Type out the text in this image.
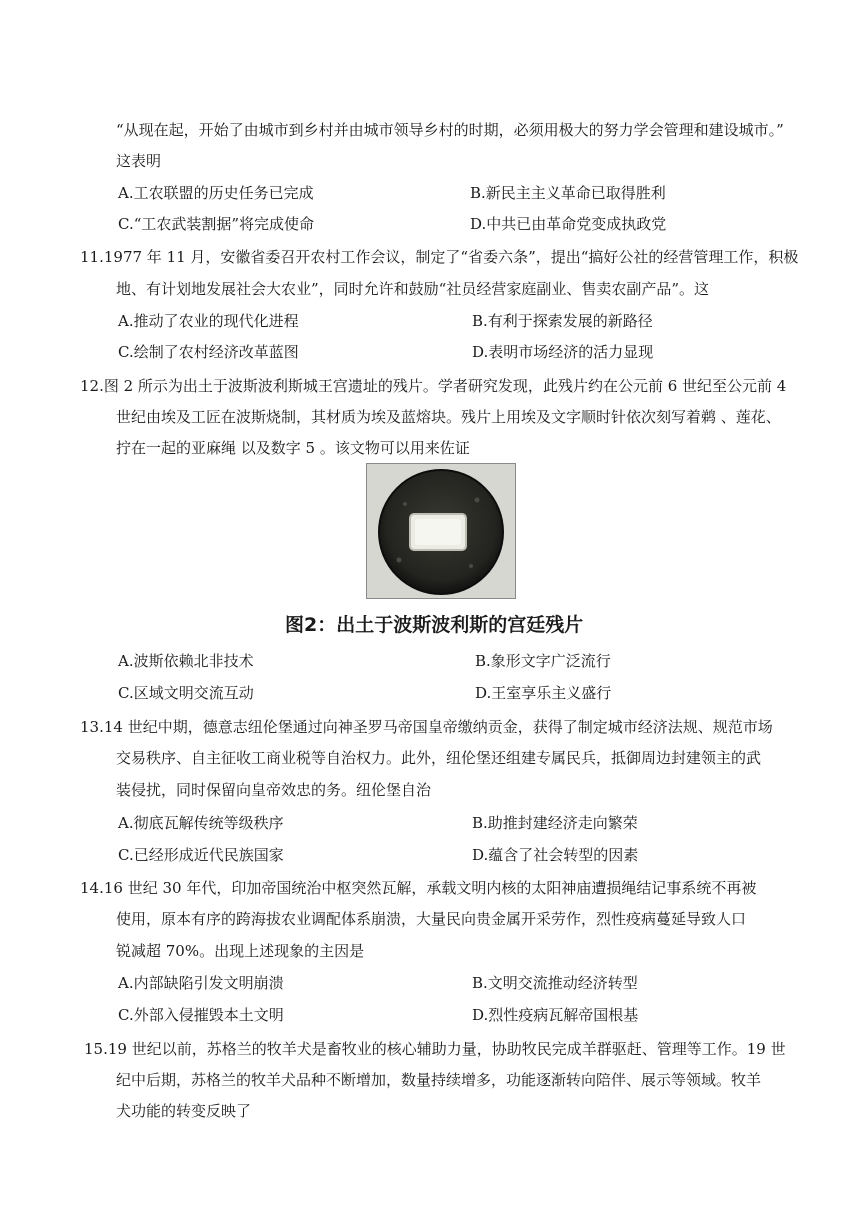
“从现在起，开始了由城市到乡村并由城市领导乡村的时期，必须用极大的努力学会管理和建设城市。”
这表明
A.工农联盟的历史任务已完成	B.新民主主义革命已取得胜利
C.“工农武装割据”将完成使命	D.中共已由革命党变成执政党
11.1977 年 11 月，安徽省委召开农村工作会议，制定了“省委六条”，提出“搞好公社的经营管理工作，积极
地、有计划地发展社会大农业”，同时允许和鼓励“社员经营家庭副业、售卖农副产品”。这
A.推动了农业的现代化进程	B.有利于探索发展的新路径
C.绘制了农村经济改革蓝图	D.表明市场经济的活力显现
12.图 2 所示为出土于波斯波利斯城王宫遗址的残片。学者研究发现，此残片约在公元前 6 世纪至公元前 4
世纪由埃及工匠在波斯烧制，其材质为埃及蓝熔块。残片上用埃及文字顺时针依次刻写着鹈 、莲花、
拧在一起的亚麻绳 以及数字 5 。该文物可以用来佐证
图2：出土于波斯波利斯的宫廷残片
A.波斯依赖北非技术	B.象形文字广泛流行
C.区域文明交流互动	D.王室享乐主义盛行
13.14 世纪中期，德意志纽伦堡通过向神圣罗马帝国皇帝缴纳贡金，获得了制定城市经济法规、规范市场
交易秩序、自主征收工商业税等自治权力。此外，纽伦堡还组建专属民兵，抵御周边封建领主的武
装侵扰，同时保留向皇帝效忠的务。纽伦堡自治
A.彻底瓦解传统等级秩序	B.助推封建经济走向繁荣
C.已经形成近代民族国家	D.蕴含了社会转型的因素
14.16 世纪 30 年代，印加帝国统治中枢突然瓦解，承载文明内核的太阳神庙遭损绳结记事系统不再被
使用，原本有序的跨海拔农业调配体系崩溃，大量民向贵金属开采劳作，烈性疫病蔓延导致人口
锐减超 70%。出现上述现象的主因是
A.内部缺陷引发文明崩溃	B.文明交流推动经济转型
C.外部入侵摧毁本土文明	D.烈性疫病瓦解帝国根基
15.19 世纪以前，苏格兰的牧羊犬是畜牧业的核心辅助力量，协助牧民完成羊群驱赶、管理等工作。19 世
纪中后期，苏格兰的牧羊犬品种不断增加，数量持续增多，功能逐渐转向陪伴、展示等领域。牧羊
犬功能的转变反映了
